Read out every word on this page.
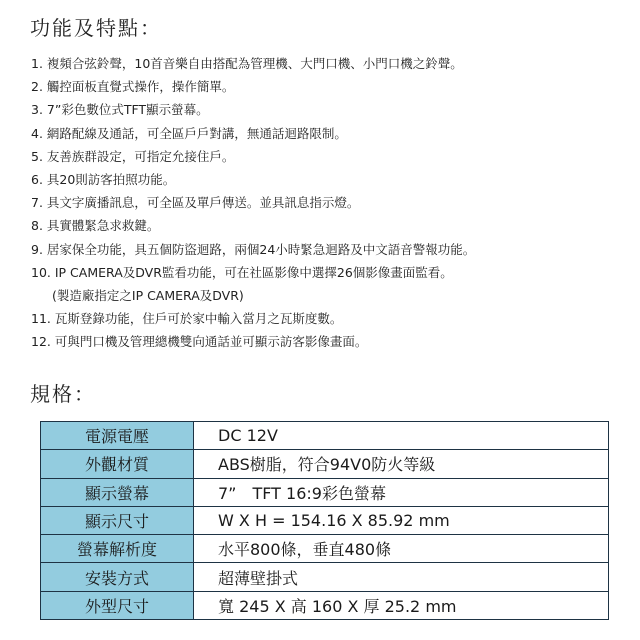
功能及特點：
1. 複頻合弦鈴聲，10首音樂自由搭配為管理機、大門口機、小門口機之鈴聲。
2. 觸控面板直覺式操作，操作簡單。
3. 7”彩色數位式TFT顯示螢幕。
4. 網路配線及通話，可全區戶戶對講，無通話迴路限制。
5. 友善族群設定，可指定允接住戶。
6. 具20則訪客拍照功能。
7. 具文字廣播訊息，可全區及單戶傳送。並具訊息指示燈。
8. 具實體緊急求救鍵。
9. 居家保全功能，具五個防盜迴路，兩個24小時緊急迴路及中文語音警報功能。
10. IP CAMERA及DVR監看功能，可在社區影像中選擇26個影像畫面監看。
(製造廠指定之IP CAMERA及DVR)
11. 瓦斯登錄功能，住戶可於家中輸入當月之瓦斯度數。
12. 可與門口機及管理總機雙向通話並可顯示訪客影像畫面。
規格：
電源電壓	DC 12V
外觀材質	ABS樹脂，符合94V0防火等級
顯示螢幕	7”　TFT 16:9彩色螢幕
顯示尺寸	W X H = 154.16 X 85.92 mm
螢幕解析度	水平800條，垂直480條
安裝方式	超薄壁掛式
外型尺寸	寬 245 X 高 160 X 厚 25.2 mm
